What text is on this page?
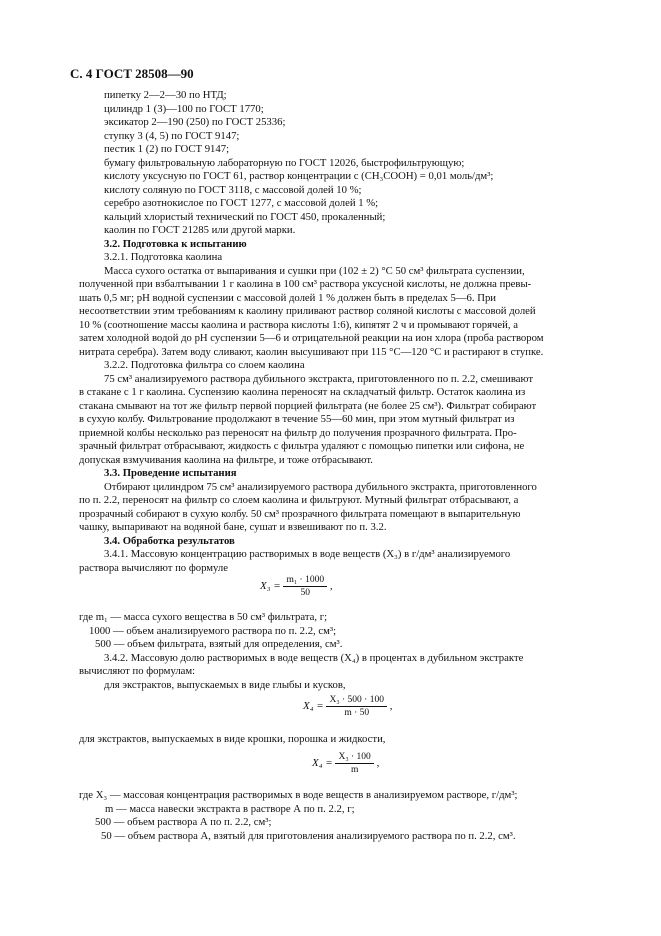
С. 4 ГОСТ 28508—90
пипетку 2—2—30 по НТД;
цилиндр 1 (3)—100 по ГОСТ 1770;
эксикатор 2—190 (250) по ГОСТ 25336;
ступку 3 (4, 5) по ГОСТ 9147;
пестик 1 (2) по ГОСТ 9147;
бумагу фильтровальную лабораторную по ГОСТ 12026, быстрофильтрующую;
кислоту уксусную по ГОСТ 61, раствор концентрации c (CH₃COOH) = 0,01 моль/дм³;
кислоту соляную по ГОСТ 3118, с массовой долей 10 %;
серебро азотнокислое по ГОСТ 1277, с массовой долей 1 %;
кальций хлористый технический по ГОСТ 450, прокаленный;
каолин по ГОСТ 21285 или другой марки.
3.2. Подготовка к испытанию
3.2.1. Подготовка каолина
Масса сухого остатка от выпаривания и сушки при (102 ± 2) °С 50 см³ фильтрата суспензии,
полученной при взбалтывании 1 г каолина в 100 см³ раствора уксусной кислоты, не должна превы-
шать 0,5 мг; pH водной суспензии с массовой долей 1 % должен быть в пределах 5—6. При
несоответствии этим требованиям к каолину приливают раствор соляной кислоты с массовой долей
10 % (соотношение массы каолина и раствора кислоты 1:6), кипятят 2 ч и промывают горячей, а
затем холодной водой до pH суспензии 5—6 и отрицательной реакции на ион хлора (проба раствором
нитрата серебра). Затем воду сливают, каолин высушивают при 115 °С—120 °С и растирают в ступке.
3.2.2. Подготовка фильтра со слоем каолина
75 см³ анализируемого раствора дубильного экстракта, приготовленного по п. 2.2, смешивают
в стакане с 1 г каолина. Суспензию каолина переносят на складчатый фильтр. Остаток каолина из
стакана смывают на тот же фильтр первой порцией фильтрата (не более 25 см³). Фильтрат собирают
в сухую колбу. Фильтрование продолжают в течение 55—60 мин, при этом мутный фильтрат из
приемной колбы несколько раз переносят на фильтр до получения прозрачного фильтрата. Про-
зрачный фильтрат отбрасывают, жидкость с фильтра удаляют с помощью пипетки или сифона, не
допуская взмучивания каолина на фильтре, и тоже отбрасывают.
3.3. Проведение испытания
Отбирают цилиндром 75 см³ анализируемого раствора дубильного экстракта, приготовленного
по п. 2.2, переносят на фильтр со слоем каолина и фильтруют. Мутный фильтрат отбрасывают, а
прозрачный собирают в сухую колбу. 50 см³ прозрачного фильтрата помещают в выпарительную
чашку, выпаривают на водяной бане, сушат и взвешивают по п. 3.2.
3.4. Обработка результатов
3.4.1. Массовую концентрацию растворимых в воде веществ (X₃) в г/дм³ анализируемого
раствора вычисляют по формуле
$X_3 = \frac{\text{m₁ · 1000}}{50}$ ,
где m₁ — масса сухого вещества в 50 см³ фильтрата, г;
1000 — объем анализируемого раствора по п. 2.2, см³;
500 — объем фильтрата, взятый для определения, см³.
3.4.2. Массовую долю растворимых в воде веществ (X₄) в процентах в дубильном экстракте
вычисляют по формулам:
для экстрактов, выпускаемых в виде глыбы и кусков,
$X_4 = \frac{\text{X₃ · 500 · 100}}{m \cdot 50}$ ,
для экстрактов, выпускаемых в виде крошки, порошка и жидкости,
$X_4 = \frac{\text{X₃ · 100}}{m}$ ,
где X₃ — массовая концентрация растворимых в воде веществ в анализируемом растворе, г/дм³;
m — масса навески экстракта в растворе А по п. 2.2, г;
500 — объем раствора А по п. 2.2, см³;
50 — объем раствора А, взятый для приготовления анализируемого раствора по п. 2.2, см³.
